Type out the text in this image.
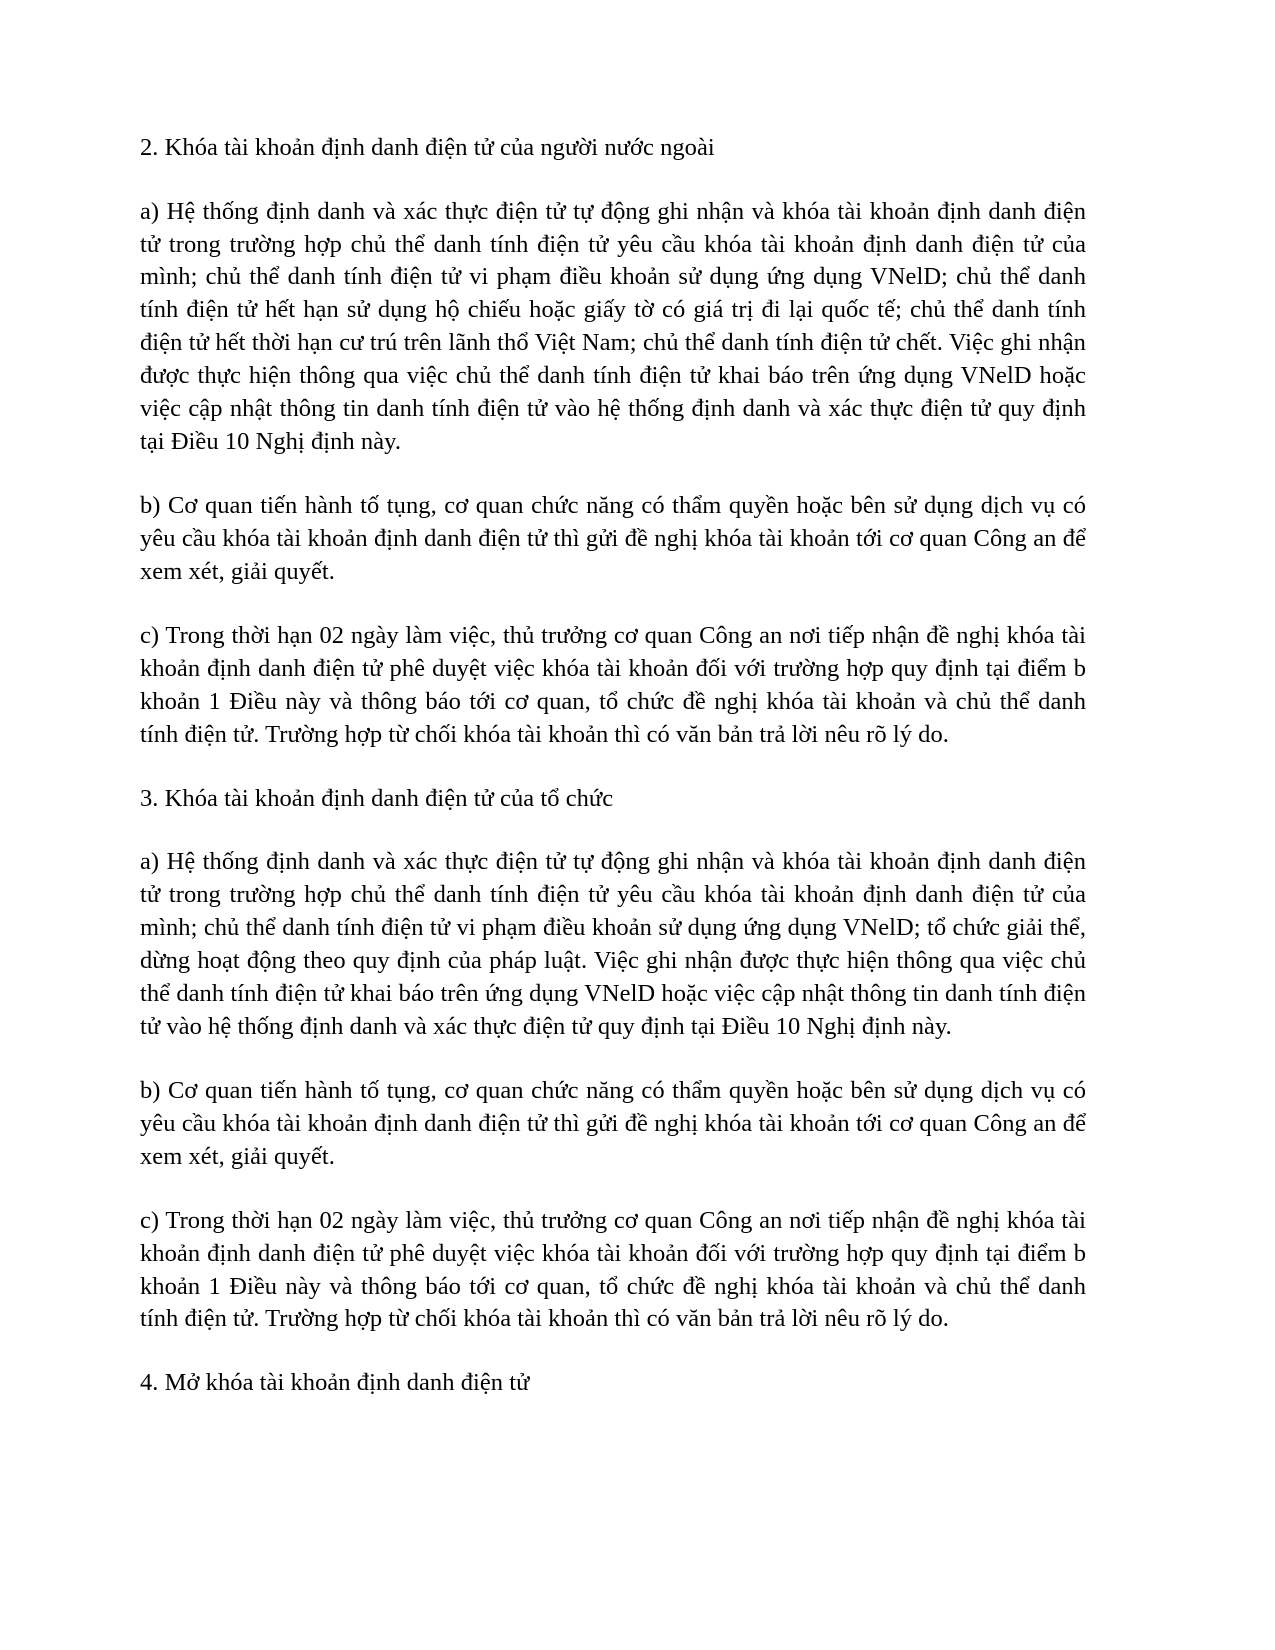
2. Khóa tài khoản định danh điện tử của người nước ngoài

a) Hệ thống định danh và xác thực điện tử tự động ghi nhận và khóa tài khoản định danh điện tử trong trường hợp chủ thể danh tính điện tử yêu cầu khóa tài khoản định danh điện tử của mình; chủ thể danh tính điện tử vi phạm điều khoản sử dụng ứng dụng VNelD; chủ thể danh tính điện tử hết hạn sử dụng hộ chiếu hoặc giấy tờ có giá trị đi lại quốc tế; chủ thể danh tính điện tử hết thời hạn cư trú trên lãnh thổ Việt Nam; chủ thể danh tính điện tử chết. Việc ghi nhận được thực hiện thông qua việc chủ thể danh tính điện tử khai báo trên ứng dụng VNelD hoặc việc cập nhật thông tin danh tính điện tử vào hệ thống định danh và xác thực điện tử quy định tại Điều 10 Nghị định này.

b) Cơ quan tiến hành tố tụng, cơ quan chức năng có thẩm quyền hoặc bên sử dụng dịch vụ có yêu cầu khóa tài khoản định danh điện tử thì gửi đề nghị khóa tài khoản tới cơ quan Công an để xem xét, giải quyết.

c) Trong thời hạn 02 ngày làm việc, thủ trưởng cơ quan Công an nơi tiếp nhận đề nghị khóa tài khoản định danh điện tử phê duyệt việc khóa tài khoản đối với trường hợp quy định tại điểm b khoản 1 Điều này và thông báo tới cơ quan, tổ chức đề nghị khóa tài khoản và chủ thể danh tính điện tử. Trường hợp từ chối khóa tài khoản thì có văn bản trả lời nêu rõ lý do.

3. Khóa tài khoản định danh điện tử của tổ chức

a) Hệ thống định danh và xác thực điện tử tự động ghi nhận và khóa tài khoản định danh điện tử trong trường hợp chủ thể danh tính điện tử yêu cầu khóa tài khoản định danh điện tử của mình; chủ thể danh tính điện tử vi phạm điều khoản sử dụng ứng dụng VNelD; tổ chức giải thể, dừng hoạt động theo quy định của pháp luật. Việc ghi nhận được thực hiện thông qua việc chủ thể danh tính điện tử khai báo trên ứng dụng VNelD hoặc việc cập nhật thông tin danh tính điện tử vào hệ thống định danh và xác thực điện tử quy định tại Điều 10 Nghị định này.

b) Cơ quan tiến hành tố tụng, cơ quan chức năng có thẩm quyền hoặc bên sử dụng dịch vụ có yêu cầu khóa tài khoản định danh điện tử thì gửi đề nghị khóa tài khoản tới cơ quan Công an để xem xét, giải quyết.

c) Trong thời hạn 02 ngày làm việc, thủ trưởng cơ quan Công an nơi tiếp nhận đề nghị khóa tài khoản định danh điện tử phê duyệt việc khóa tài khoản đối với trường hợp quy định tại điểm b khoản 1 Điều này và thông báo tới cơ quan, tổ chức đề nghị khóa tài khoản và chủ thể danh tính điện tử. Trường hợp từ chối khóa tài khoản thì có văn bản trả lời nêu rõ lý do.

4. Mở khóa tài khoản định danh điện tử
